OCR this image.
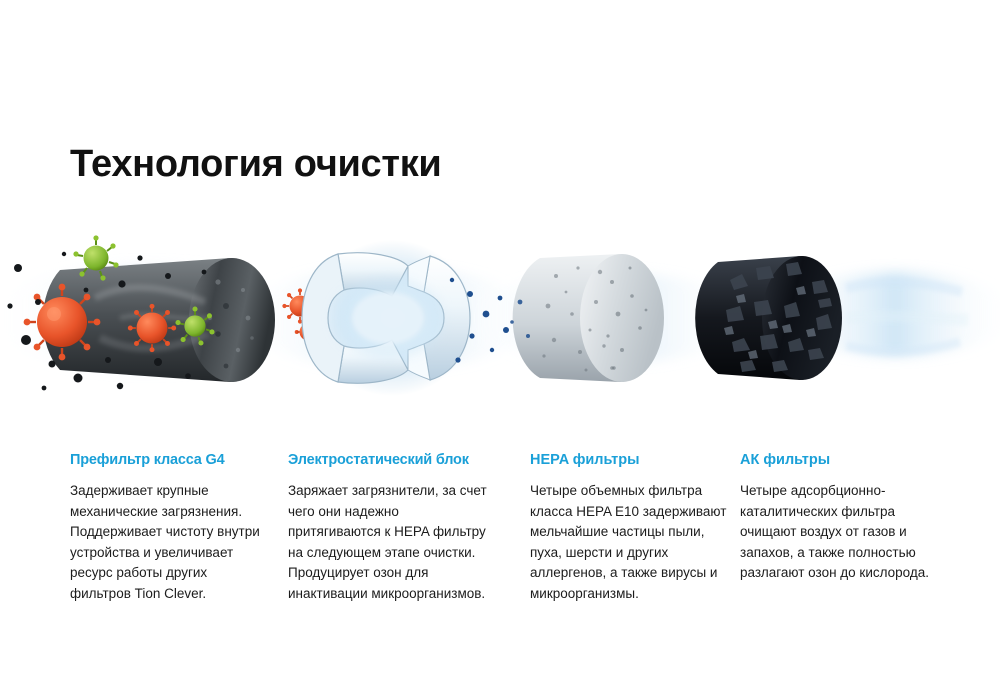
Технология очистки
Префильтр класса G4
Задерживает крупные механические загрязнения. Поддерживает чистоту внутри устройства и увеличивает ресурс работы других фильтров Tion Clever.
Электростатический блок
Заряжает загрязнители, за счет чего они надежно притягиваются к HEPA фильтру на следующем этапе очистки. Продуцирует озон для инактивации микроорганизмов.
HEPA фильтры
Четыре объемных фильтра класса HEPA E10 задерживают мельчайшие частицы пыли, пуха, шерсти и других аллергенов, а также вирусы и микроорганизмы.
АК фильтры
Четыре адсорбционно-каталитических фильтра очищают воздух от газов и запахов, а также полностью разлагают озон до кислорода.
